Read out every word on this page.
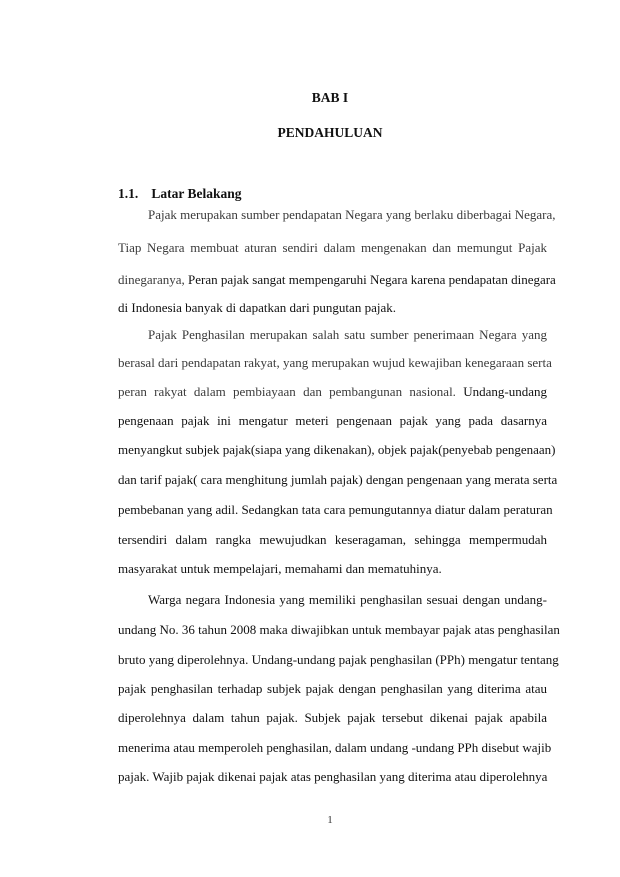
BAB I
PENDAHULUAN
1.1. Latar Belakang
Pajak merupakan sumber pendapatan Negara yang berlaku diberbagai Negara,
Tiap Negara membuat aturan sendiri dalam mengenakan dan memungut Pajak
dinegaranya, Peran pajak sangat mempengaruhi Negara karena pendapatan dinegara
di Indonesia banyak di dapatkan dari pungutan pajak.
Pajak Penghasilan merupakan salah satu sumber penerimaan Negara yang
berasal dari pendapatan rakyat, yang merupakan wujud kewajiban kenegaraan serta
peran rakyat dalam pembiayaan dan pembangunan nasional. Undang-undang
pengenaan pajak ini mengatur meteri pengenaan pajak yang pada dasarnya
menyangkut subjek pajak(siapa yang dikenakan), objek pajak(penyebab pengenaan)
dan tarif pajak( cara menghitung jumlah pajak) dengan pengenaan yang merata serta
pembebanan yang adil. Sedangkan tata cara pemungutannya diatur dalam peraturan
tersendiri dalam rangka mewujudkan keseragaman, sehingga mempermudah
masyarakat untuk mempelajari, memahami dan mematuhinya.
Warga negara Indonesia yang memiliki penghasilan sesuai dengan undang-
undang No. 36 tahun 2008 maka diwajibkan untuk membayar pajak atas penghasilan
bruto yang diperolehnya. Undang-undang pajak penghasilan (PPh) mengatur tentang
pajak penghasilan terhadap subjek pajak dengan penghasilan yang diterima atau
diperolehnya dalam tahun pajak. Subjek pajak tersebut dikenai pajak apabila
menerima atau memperoleh penghasilan, dalam undang -undang PPh disebut wajib
pajak. Wajib pajak dikenai pajak atas penghasilan yang diterima atau diperolehnya
1
